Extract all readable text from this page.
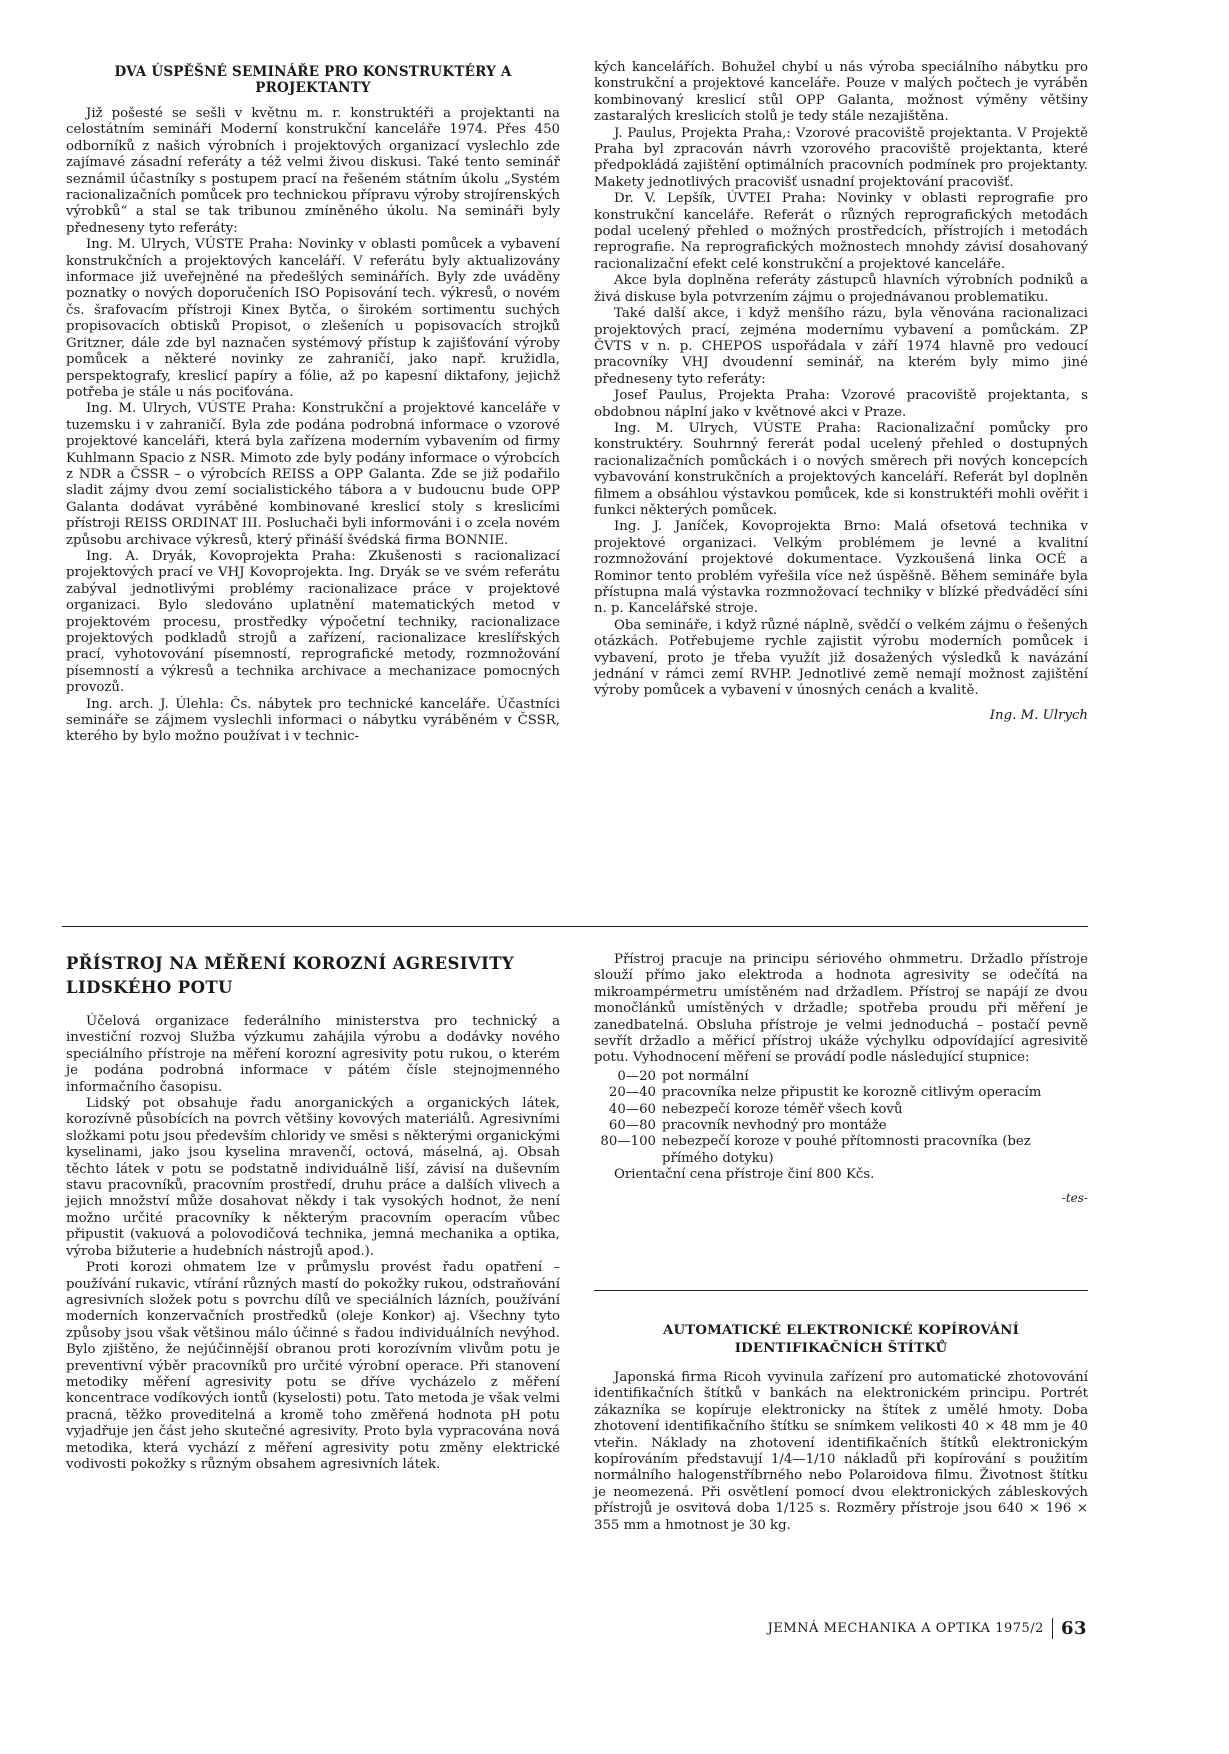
DVA ÚSPĚŠNÉ SEMINÁŘE PRO KONSTRUKTÉRY A PROJEKTANTY

Již pošesté se sešli v květnu m. r. konstruktéři a projektanti na celostátním semináři Moderní konstrukční kanceláře 1974. Přes 450 odborníků z našich výrobních i projektových organizací vyslechlo zde zajímavé zásadní referáty a též velmi živou diskusi. Také tento seminář seznámil účastníky s postupem prací na řešeném státním úkolu „Systém racionalizačních pomůcek pro technickou přípravu výroby strojírenských výrobků“ a stal se tak tribunou zmíněného úkolu. Na semináři byly předneseny tyto referáty:

Ing. M. Ulrych, VÚSTE Praha: Novinky v oblasti pomůcek a vybavení konstrukčních a projektových kanceláří. V referátu byly aktualizovány informace již uveřejněné na předešlých seminářích. Byly zde uváděny poznatky o nových doporučeních ISO Popisování tech. výkresů, o novém čs. šrafovacím přístroji Kinex Bytča, o širokém sortimentu suchých propisovacích obtisků Propisot, o zlešeních u popisovacích strojků Gritzner, dále zde byl naznačen systémový přístup k zajišťování výroby pomůcek a některé novinky ze zahraničí, jako např. kružidla, perspektografy, kreslicí papíry a fólie, až po kapesní diktafony, jejichž potřeba je stále u nás pociťována.

Ing. M. Ulrych, VÚSTE Praha: Konstrukční a projektové kanceláře v tuzemsku i v zahraničí. Byla zde podána podrobná informace o vzorové projektové kanceláři, která byla zařízena moderním vybavením od firmy Kuhlmann Spacio z NSR. Mimoto zde byly podány informace o výrobcích z NDR a ČSSR – o výrobcích REISS a OPP Galanta. Zde se již podařilo sladit zájmy dvou zemí socialistického tábora a v budoucnu bude OPP Galanta dodávat vyráběné kombinované kreslicí stoly s kreslicími přístroji REISS ORDINAT III. Posluchači byli informováni i o zcela novém způsobu archivace výkresů, který přináší švédská firma BONNIE.

Ing. A. Dryák, Kovoprojekta Praha: Zkušenosti s racionalizací projektových prací ve VHJ Kovoprojekta. Ing. Dryák se ve svém referátu zabýval jednotlivými problémy racionalizace práce v projektové organizaci. Bylo sledováno uplatnění matematických metod v projektovém procesu, prostředky výpočetní techniky, racionalizace projektových podkladů strojů a zařízení, racionalizace kreslířských prací, vyhotovování písemností, reprografické metody, rozmnožování písemností a výkresů a technika archivace a mechanizace pomocných provozů.

Ing. arch. J. Úlehla: Čs. nábytek pro technické kanceláře. Účastníci semináře se zájmem vyslechli informaci o nábytku vyráběném v ČSSR, kterého by bylo možno používat i v technic-

kých kancelářích. Bohužel chybí u nás výroba speciálního nábytku pro konstrukční a projektové kanceláře. Pouze v malých počtech je vyráběn kombinovaný kreslicí stůl OPP Galanta, možnost výměny většiny zastaralých kreslicích stolů je tedy stále nezajištěna.

J. Paulus, Projekta Praha,: Vzorové pracoviště projektanta. V Projektě Praha byl zpracován návrh vzorového pracoviště projektanta, které předpokládá zajištění optimálních pracovních podmínek pro projektanty. Makety jednotlivých pracovišť usnadní projektování pracovišť.

Dr. V. Lepšík, ÚVTEI Praha: Novinky v oblasti reprografie pro konstrukční kanceláře. Referát o různých reprografických metodách podal ucelený přehled o možných prostředcích, přístrojích i metodách reprografie. Na reprografických možnostech mnohdy závisí dosahovaný racionalizační efekt celé konstrukční a projektové kanceláře.

Akce byla doplněna referáty zástupců hlavních výrobních podniků a živá diskuse byla potvrzením zájmu o projednávanou problematiku.

Také další akce, i když menšího rázu, byla věnována racionalizaci projektových prací, zejména modernímu vybavení a pomůckám. ZP ČVTS v n. p. CHEPOS uspořádala v září 1974 hlavně pro vedoucí pracovníky VHJ dvoudenní seminář, na kterém byly mimo jiné předneseny tyto referáty:

Josef Paulus, Projekta Praha: Vzorové pracoviště projektanta, s obdobnou náplní jako v květnové akci v Praze.

Ing. M. Ulrych, VÚSTE Praha: Racionalizační pomůcky pro konstruktéry. Souhrnný fererát podal ucelený přehled o dostupných racionalizačních pomůckách i o nových směrech při nových koncepcích vybavování konstrukčních a projektových kanceláří. Referát byl doplněn filmem a obsáhlou výstavkou pomůcek, kde si konstruktéři mohli ověřit i funkci některých pomůcek.

Ing. J. Janíček, Kovoprojekta Brno: Malá ofsetová technika v projektové organizaci. Velkým problémem je levné a kvalitní rozmnožování projektové dokumentace. Vyzkoušená linka OCÉ a Rominor tento problém vyřešila více než úspěšně. Během semináře byla přístupna malá výstavka rozmnožovací techniky v blízké předváděcí síni n. p. Kancelářské stroje.

Oba semináře, i když různé náplně, svědčí o velkém zájmu o řešených otázkách. Potřebujeme rychle zajistit výrobu moderních pomůcek i vybavení, proto je třeba využít již dosažených výsledků k navázání jednání v rámci zemí RVHP. Jednotlivé země nemají možnost zajištění výroby pomůcek a vybavení v únosných cenách a kvalitě.

Ing. M. Ulrych
PŘÍSTROJ NA MĚŘENÍ KOROZNÍ AGRESIVITY
LIDSKÉHO POTU

Účelová organizace federálního ministerstva pro technický a investiční rozvoj Služba výzkumu zahájila výrobu a dodávky nového speciálního přístroje na měření korozní agresivity potu rukou, o kterém je podána podrobná informace v pátém čísle stejnojmenného informačního časopisu.

Lidský pot obsahuje řadu anorganických a organických látek, korozívně působících na povrch většiny kovových materiálů. Agresivními složkami potu jsou především chloridy ve směsi s některými organickými kyselinami, jako jsou kyselina mravenčí, octová, máselná, aj. Obsah těchto látek v potu se podstatně individuálně liší, závisí na duševním stavu pracovníků, pracovním prostředí, druhu práce a dalších vlivech a jejich množství může dosahovat někdy i tak vysokých hodnot, že není možno určité pracovníky k některým pracovním operacím vůbec připustit (vakuová a polovodičová technika, jemná mechanika a optika, výroba bižuterie a hudebních nástrojů apod.).

Proti korozi ohmatem lze v průmyslu provést řadu opatření – používání rukavic, vtírání různých mastí do pokožky rukou, odstraňování agresivních složek potu s povrchu dílů ve speciálních lázních, používání moderních konzervačních prostředků (oleje Konkor) aj. Všechny tyto způsoby jsou však většinou málo účinné s řadou individuálních nevýhod. Bylo zjištěno, že nejúčinnější obranou proti korozívním vlivům potu je preventivní výběr pracovníků pro určité výrobní operace. Při stanovení metodiky měření agresivity potu se dříve vycházelo z měření koncentrace vodíkových iontů (kyselosti) potu. Tato metoda je však velmi pracná, těžko proveditelná a kromě toho změřená hodnota pH potu vyjadřuje jen část jeho skutečné agresivity. Proto byla vypracována nová metodika, která vychází z měření agresivity potu změny elektrické vodivosti pokožky s různým obsahem agresivních látek.

Přístroj pracuje na principu sériového ohmmetru. Držadlo přístroje slouží přímo jako elektroda a hodnota agresivity se odečítá na mikroampérmetru umístěném nad držadlem. Přístroj se napájí ze dvou monočlánků umístěných v držadle; spotřeba proudu při měření je zanedbatelná. Obsluha přístroje je velmi jednoduchá – postačí pevně sevřít držadlo a měřicí přístroj ukáže výchylku odpovídající agresivitě potu. Vyhodnocení měření se provádí podle následující stupnice:

0—20 pot normální
20—40 pracovníka nelze připustit ke korozně citlivým operacím
40—60 nebezpečí koroze téměř všech kovů
60—80 pracovník nevhodný pro montáže
80—100 nebezpečí koroze v pouhé přítomnosti pracovníka (bez přímého dotyku)

Orientační cena přístroje činí 800 Kčs.

-tes-
AUTOMATICKÉ ELEKTRONICKÉ KOPÍROVÁNÍ
IDENTIFIKAČNÍCH ŠTÍTKŮ

Japonská firma Ricoh vyvinula zařízení pro automatické zhotovování identifikačních štítků v bankách na elektronickém principu. Portrét zákazníka se kopíruje elektronicky na štítek z umělé hmoty. Doba zhotovení identifikačního štítku se snímkem velikosti 40 × 48 mm je 40 vteřin. Náklady na zhotovení identifikačních štítků elektronickým kopírováním představují 1/4—1/10 nákladů při kopírování s použitím normálního halogenstříbrného nebo Polaroidova filmu. Životnost štítku je neomezená. Při osvětlení pomocí dvou elektronických zábleskových přístrojů je osvitová doba 1/125 s. Rozměry přístroje jsou 640 × 196 × 355 mm a hmotnost je 30 kg.

JEMNÁ MECHANIKA A OPTIKA 1975/2 63
